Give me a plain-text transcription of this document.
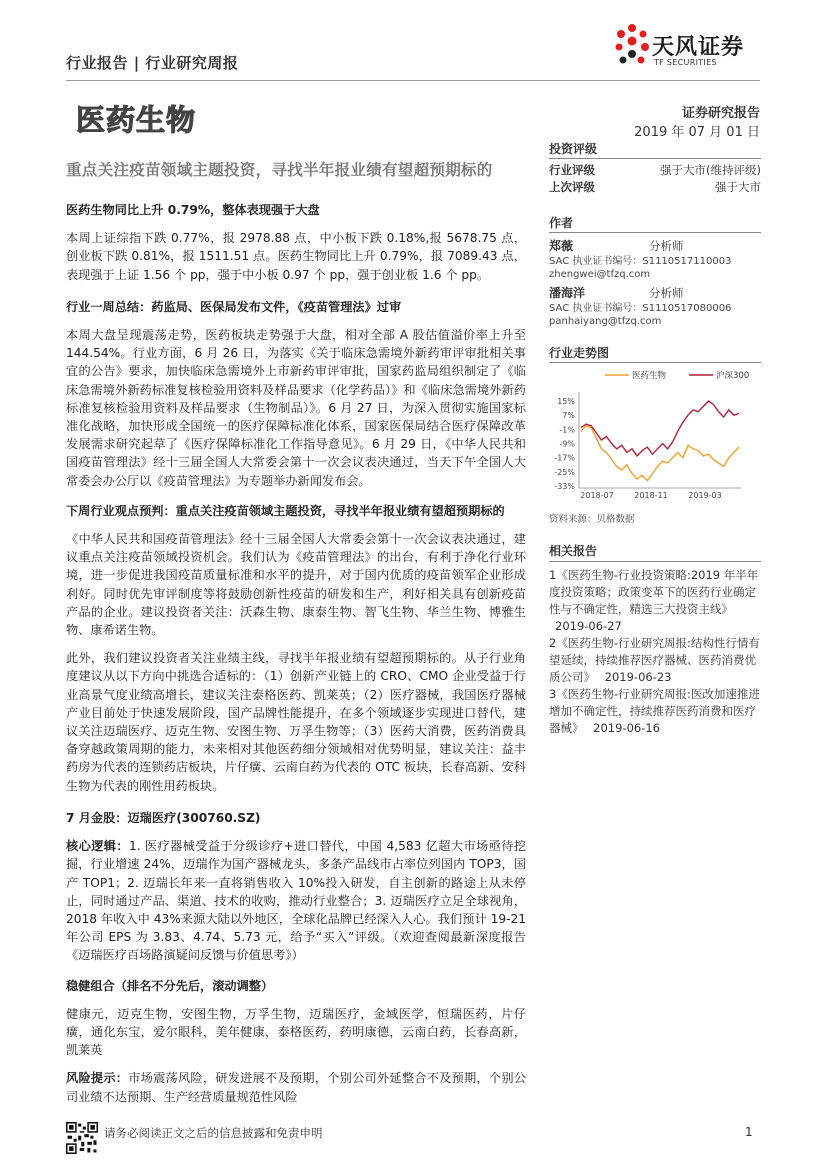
行业报告 | 行业研究周报
天风证券
TF SECURITIES
医药生物	证券研究报告
2019 年 07 月 01 日
重点关注疫苗领域主题投资，寻找半年报业绩有望超预期标的
医药生物同比上升 0.79%，整体表现强于大盘

本周上证综指下跌 0.77%，报 2978.88 点，中小板下跌 0.18%,报 5678.75 点，创业板下跌 0.81%，报 1511.51 点。医药生物同比上升 0.79%，报 7089.43 点，表现强于上证 1.56 个 pp，强于中小板 0.97 个 pp，强于创业板 1.6 个 pp。

行业一周总结：药监局、医保局发布文件，《疫苗管理法》过审

本周大盘呈现震荡走势，医药板块走势强于大盘，相对全部 A 股估值溢价率上升至 144.54%。行业方面，6 月 26 日，为落实《关于临床急需境外新药审评审批相关事宜的公告》要求，加快临床急需境外上市新药审评审批，国家药监局组织制定了《临床急需境外新药标准复核检验用资料及样品要求（化学药品）》和《临床急需境外新药标准复核检验用资料及样品要求（生物制品）》。6 月 27 日，为深入贯彻实施国家标准化战略，加快形成全国统一的医疗保障标准化体系，国家医保局结合医疗保障改革发展需求研究起草了《医疗保障标准化工作指导意见》。6 月 29 日，《中华人民共和国疫苗管理法》经十三届全国人大常委会第十一次会议表决通过，当天下午全国人大常委会办公厅以《疫苗管理法》为专题举办新闻发布会。

下周行业观点预判：重点关注疫苗领域主题投资，寻找半年报业绩有望超预期标的

《中华人民共和国疫苗管理法》经十三届全国人大常委会第十一次会议表决通过，建议重点关注疫苗领域投资机会。我们认为《疫苗管理法》的出台，有利于净化行业环境，进一步促进我国疫苗质量标准和水平的提升，对于国内优质的疫苗领军企业形成利好。同时优先审评制度等将鼓励创新性疫苗的研发和生产，利好相关具有创新疫苗产品的企业。建议投资者关注：沃森生物、康泰生物、智飞生物、华兰生物、博雅生物、康希诺生物。

此外，我们建议投资者关注业绩主线，寻找半年报业绩有望超预期标的。从子行业角度建议从以下方向中挑选合适标的：（1）创新产业链上的 CRO、CMO 企业受益于行业高景气度业绩高增长，建议关注泰格医药、凯莱英；（2）医疗器械，我国医疗器械产业目前处于快速发展阶段，国产品牌性能提升，在多个领域逐步实现进口替代，建议关注迈瑞医疗、迈克生物、安图生物、万孚生物等；（3）医药大消费，医药消费具备穿越政策周期的能力，未来相对其他医药细分领域相对优势明显，建议关注：益丰药房为代表的连锁药店板块，片仔癀、云南白药为代表的 OTC 板块，长春高新、安科生物为代表的刚性用药板块。

7 月金股：迈瑞医疗(300760.SZ)

核心逻辑：1. 医疗器械受益于分级诊疗+进口替代，中国 4,583 亿超大市场亟待挖掘，行业增速 24%，迈瑞作为国产器械龙头，多条产品线市占率位列国内 TOP3，国产 TOP1；2. 迈瑞长年来一直将销售收入 10%投入研发，自主创新的路途上从未停止，同时通过产品、渠道、技术的收购，推动行业整合；3. 迈瑞医疗立足全球视角，2018 年收入中 43%来源大陆以外地区，全球化品牌已经深入人心。我们预计 19-21 年公司 EPS 为 3.83、4.74、5.73 元，给予“买入”评级。（欢迎查阅最新深度报告《迈瑞医疗百场路演疑问反馈与价值思考》）

稳健组合（排名不分先后，滚动调整）

健康元，迈克生物，安图生物，万孚生物，迈瑞医疗，金域医学，恒瑞医药，片仔癀，通化东宝，爱尔眼科，美年健康，泰格医药，药明康德，云南白药，长春高新，凯莱英

风险提示：市场震荡风险，研发进展不及预期，个别公司外延整合不及预期，个别公司业绩不达预期、生产经营质量规范性风险

投资评级
行业评级	强于大市(维持评级)
上次评级	强于大市
作者
郑薇	分析师
SAC 执业证书编号：S1110517110003
zhengwei@tfzq.com
潘海洋	分析师
SAC 执业证书编号：S1110517080006
panhaiyang@tfzq.com
行业走势图
医药生物	沪深300
15%
7%
-1%
-9%
-17%
-25%
-33%
2018-07	2018-11	2019-03
资料来源：贝格数据
相关报告
1《医药生物-行业投资策略:2019 年半年度投资策略；政策变革下的医药行业确定性与不确定性，精选三大投资主线》 2019-06-27
2《医药生物-行业研究周报:结构性行情有望延续，持续推荐医疗器械、医药消费优质公司》 2019-06-23
3《医药生物-行业研究周报:医改加速推进增加不确定性，持续推荐医药消费和医疗器械》 2019-06-16
请务必阅读正文之后的信息披露和免责申明	1
